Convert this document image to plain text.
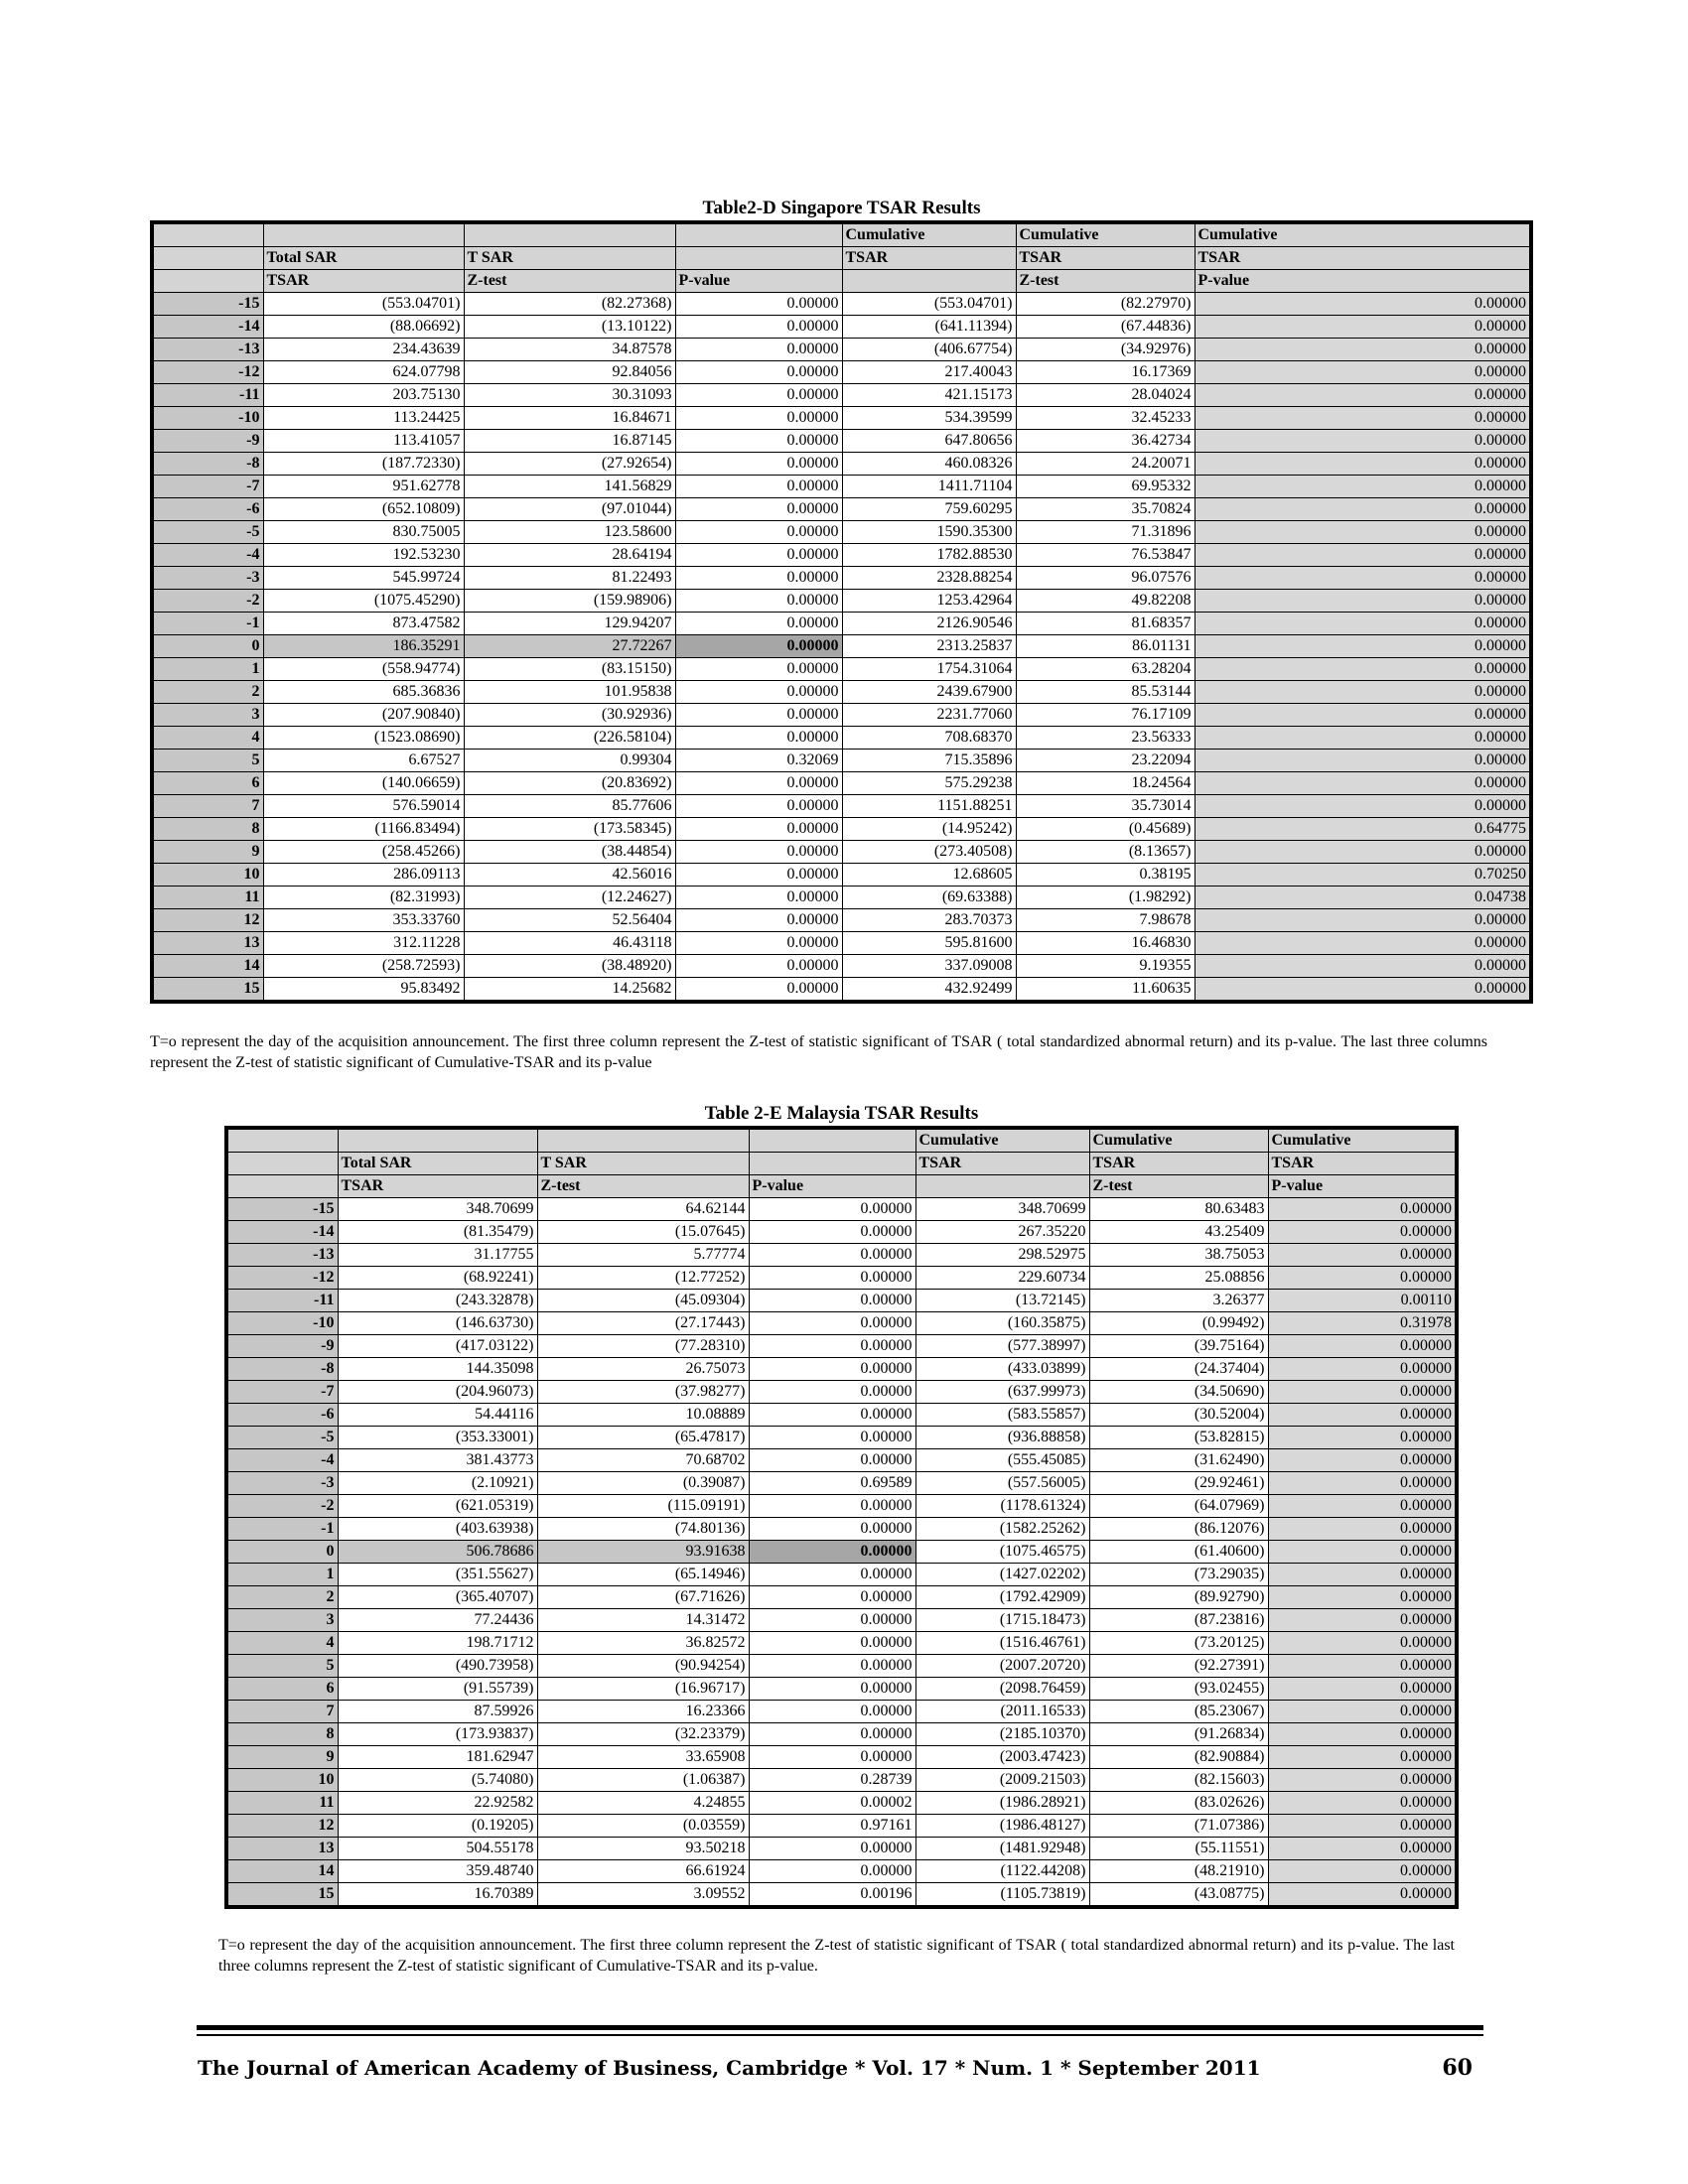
Table2-D Singapore TSAR Results
				Cumulative	Cumulative	Cumulative
	Total SAR	T SAR		TSAR	TSAR	TSAR
	TSAR	Z-test	P-value		Z-test	P-value
-15	(553.04701)	(82.27368)	0.00000	(553.04701)	(82.27970)	0.00000
-14	(88.06692)	(13.10122)	0.00000	(641.11394)	(67.44836)	0.00000
-13	234.43639	34.87578	0.00000	(406.67754)	(34.92976)	0.00000
-12	624.07798	92.84056	0.00000	217.40043	16.17369	0.00000
-11	203.75130	30.31093	0.00000	421.15173	28.04024	0.00000
-10	113.24425	16.84671	0.00000	534.39599	32.45233	0.00000
-9	113.41057	16.87145	0.00000	647.80656	36.42734	0.00000
-8	(187.72330)	(27.92654)	0.00000	460.08326	24.20071	0.00000
-7	951.62778	141.56829	0.00000	1411.71104	69.95332	0.00000
-6	(652.10809)	(97.01044)	0.00000	759.60295	35.70824	0.00000
-5	830.75005	123.58600	0.00000	1590.35300	71.31896	0.00000
-4	192.53230	28.64194	0.00000	1782.88530	76.53847	0.00000
-3	545.99724	81.22493	0.00000	2328.88254	96.07576	0.00000
-2	(1075.45290)	(159.98906)	0.00000	1253.42964	49.82208	0.00000
-1	873.47582	129.94207	0.00000	2126.90546	81.68357	0.00000
0	186.35291	27.72267	0.00000	2313.25837	86.01131	0.00000
1	(558.94774)	(83.15150)	0.00000	1754.31064	63.28204	0.00000
2	685.36836	101.95838	0.00000	2439.67900	85.53144	0.00000
3	(207.90840)	(30.92936)	0.00000	2231.77060	76.17109	0.00000
4	(1523.08690)	(226.58104)	0.00000	708.68370	23.56333	0.00000
5	6.67527	0.99304	0.32069	715.35896	23.22094	0.00000
6	(140.06659)	(20.83692)	0.00000	575.29238	18.24564	0.00000
7	576.59014	85.77606	0.00000	1151.88251	35.73014	0.00000
8	(1166.83494)	(173.58345)	0.00000	(14.95242)	(0.45689)	0.64775
9	(258.45266)	(38.44854)	0.00000	(273.40508)	(8.13657)	0.00000
10	286.09113	42.56016	0.00000	12.68605	0.38195	0.70250
11	(82.31993)	(12.24627)	0.00000	(69.63388)	(1.98292)	0.04738
12	353.33760	52.56404	0.00000	283.70373	7.98678	0.00000
13	312.11228	46.43118	0.00000	595.81600	16.46830	0.00000
14	(258.72593)	(38.48920)	0.00000	337.09008	9.19355	0.00000
15	95.83492	14.25682	0.00000	432.92499	11.60635	0.00000
T=o represent the day of the acquisition announcement. The first three column represent the Z-test of statistic significant of TSAR ( total standardized abnormal return) and its p-value. The last three columns represent the Z-test of statistic significant of Cumulative-TSAR and its p-value
Table 2-E Malaysia TSAR Results
				Cumulative	Cumulative	Cumulative
	Total SAR	T SAR		TSAR	TSAR	TSAR
	TSAR	Z-test	P-value		Z-test	P-value
-15	348.70699	64.62144	0.00000	348.70699	80.63483	0.00000
-14	(81.35479)	(15.07645)	0.00000	267.35220	43.25409	0.00000
-13	31.17755	5.77774	0.00000	298.52975	38.75053	0.00000
-12	(68.92241)	(12.77252)	0.00000	229.60734	25.08856	0.00000
-11	(243.32878)	(45.09304)	0.00000	(13.72145)	3.26377	0.00110
-10	(146.63730)	(27.17443)	0.00000	(160.35875)	(0.99492)	0.31978
-9	(417.03122)	(77.28310)	0.00000	(577.38997)	(39.75164)	0.00000
-8	144.35098	26.75073	0.00000	(433.03899)	(24.37404)	0.00000
-7	(204.96073)	(37.98277)	0.00000	(637.99973)	(34.50690)	0.00000
-6	54.44116	10.08889	0.00000	(583.55857)	(30.52004)	0.00000
-5	(353.33001)	(65.47817)	0.00000	(936.88858)	(53.82815)	0.00000
-4	381.43773	70.68702	0.00000	(555.45085)	(31.62490)	0.00000
-3	(2.10921)	(0.39087)	0.69589	(557.56005)	(29.92461)	0.00000
-2	(621.05319)	(115.09191)	0.00000	(1178.61324)	(64.07969)	0.00000
-1	(403.63938)	(74.80136)	0.00000	(1582.25262)	(86.12076)	0.00000
0	506.78686	93.91638	0.00000	(1075.46575)	(61.40600)	0.00000
1	(351.55627)	(65.14946)	0.00000	(1427.02202)	(73.29035)	0.00000
2	(365.40707)	(67.71626)	0.00000	(1792.42909)	(89.92790)	0.00000
3	77.24436	14.31472	0.00000	(1715.18473)	(87.23816)	0.00000
4	198.71712	36.82572	0.00000	(1516.46761)	(73.20125)	0.00000
5	(490.73958)	(90.94254)	0.00000	(2007.20720)	(92.27391)	0.00000
6	(91.55739)	(16.96717)	0.00000	(2098.76459)	(93.02455)	0.00000
7	87.59926	16.23366	0.00000	(2011.16533)	(85.23067)	0.00000
8	(173.93837)	(32.23379)	0.00000	(2185.10370)	(91.26834)	0.00000
9	181.62947	33.65908	0.00000	(2003.47423)	(82.90884)	0.00000
10	(5.74080)	(1.06387)	0.28739	(2009.21503)	(82.15603)	0.00000
11	22.92582	4.24855	0.00002	(1986.28921)	(83.02626)	0.00000
12	(0.19205)	(0.03559)	0.97161	(1986.48127)	(71.07386)	0.00000
13	504.55178	93.50218	0.00000	(1481.92948)	(55.11551)	0.00000
14	359.48740	66.61924	0.00000	(1122.44208)	(48.21910)	0.00000
15	16.70389	3.09552	0.00196	(1105.73819)	(43.08775)	0.00000
T=o represent the day of the acquisition announcement. The first three column represent the Z-test of statistic significant of TSAR ( total standardized abnormal return) and its p-value. The last three columns represent the Z-test of statistic significant of Cumulative-TSAR and its p-value.
The Journal of American Academy of Business, Cambridge * Vol. 17 * Num. 1 * September 2011	60
